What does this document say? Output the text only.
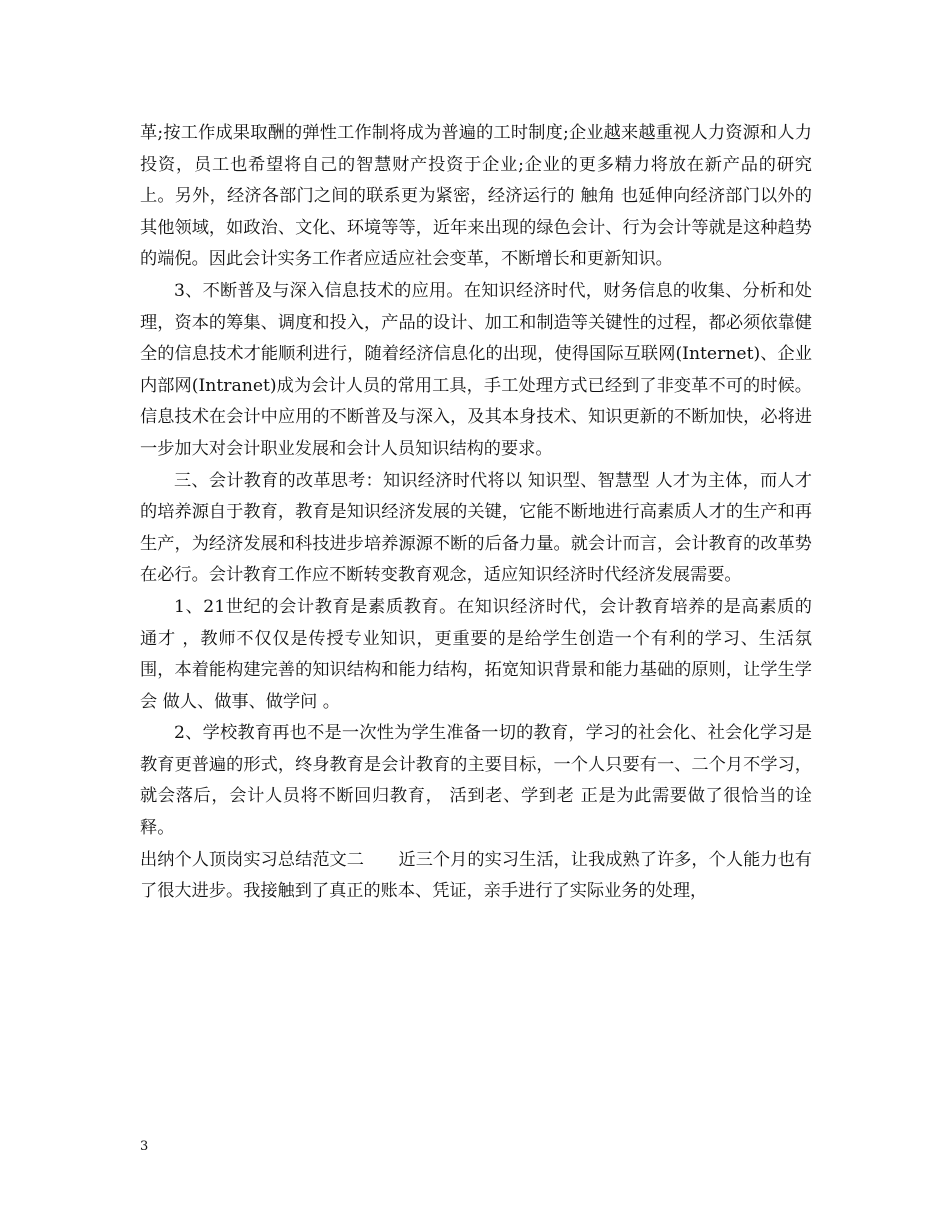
革;按工作成果取酬的弹性工作制将成为普遍的工时制度;企业越来越重视人力资源和人力投资，员工也希望将自己的智慧财产投资于企业;企业的更多精力将放在新产品的研究上。另外，经济各部门之间的联系更为紧密，经济运行的 触角 也延伸向经济部门以外的其他领域，如政治、文化、环境等等，近年来出现的绿色会计、行为会计等就是这种趋势的端倪。因此会计实务工作者应适应社会变革，不断增长和更新知识。

3、不断普及与深入信息技术的应用。在知识经济时代，财务信息的收集、分析和处理，资本的筹集、调度和投入，产品的设计、加工和制造等关键性的过程，都必须依靠健全的信息技术才能顺利进行，随着经济信息化的出现，使得国际互联网(Internet)、企业内部网(Intranet)成为会计人员的常用工具，手工处理方式已经到了非变革不可的时候。信息技术在会计中应用的不断普及与深入，及其本身技术、知识更新的不断加快，必将进一步加大对会计职业发展和会计人员知识结构的要求。

三、会计教育的改革思考：知识经济时代将以 知识型、智慧型 人才为主体，而人才的培养源自于教育，教育是知识经济发展的关键，它能不断地进行高素质人才的生产和再生产，为经济发展和科技进步培养源源不断的后备力量。就会计而言，会计教育的改革势在必行。会计教育工作应不断转变教育观念，适应知识经济时代经济发展需要。

1、21世纪的会计教育是素质教育。在知识经济时代，会计教育培养的是高素质的 通才 ，教师不仅仅是传授专业知识，更重要的是给学生创造一个有利的学习、生活氛围，本着能构建完善的知识结构和能力结构，拓宽知识背景和能力基础的原则，让学生学会 做人、做事、做学问 。

2、学校教育再也不是一次性为学生准备一切的教育，学习的社会化、社会化学习是教育更普遍的形式，终身教育是会计教育的主要目标，一个人只要有一、二个月不学习，就会落后，会计人员将不断回归教育， 活到老、学到老 正是为此需要做了很恰当的诠释。

出纳个人顶岗实习总结范文二　　近三个月的实习生活，让我成熟了许多，个人能力也有了很大进步。我接触到了真正的账本、凭证，亲手进行了实际业务的处理，

3
